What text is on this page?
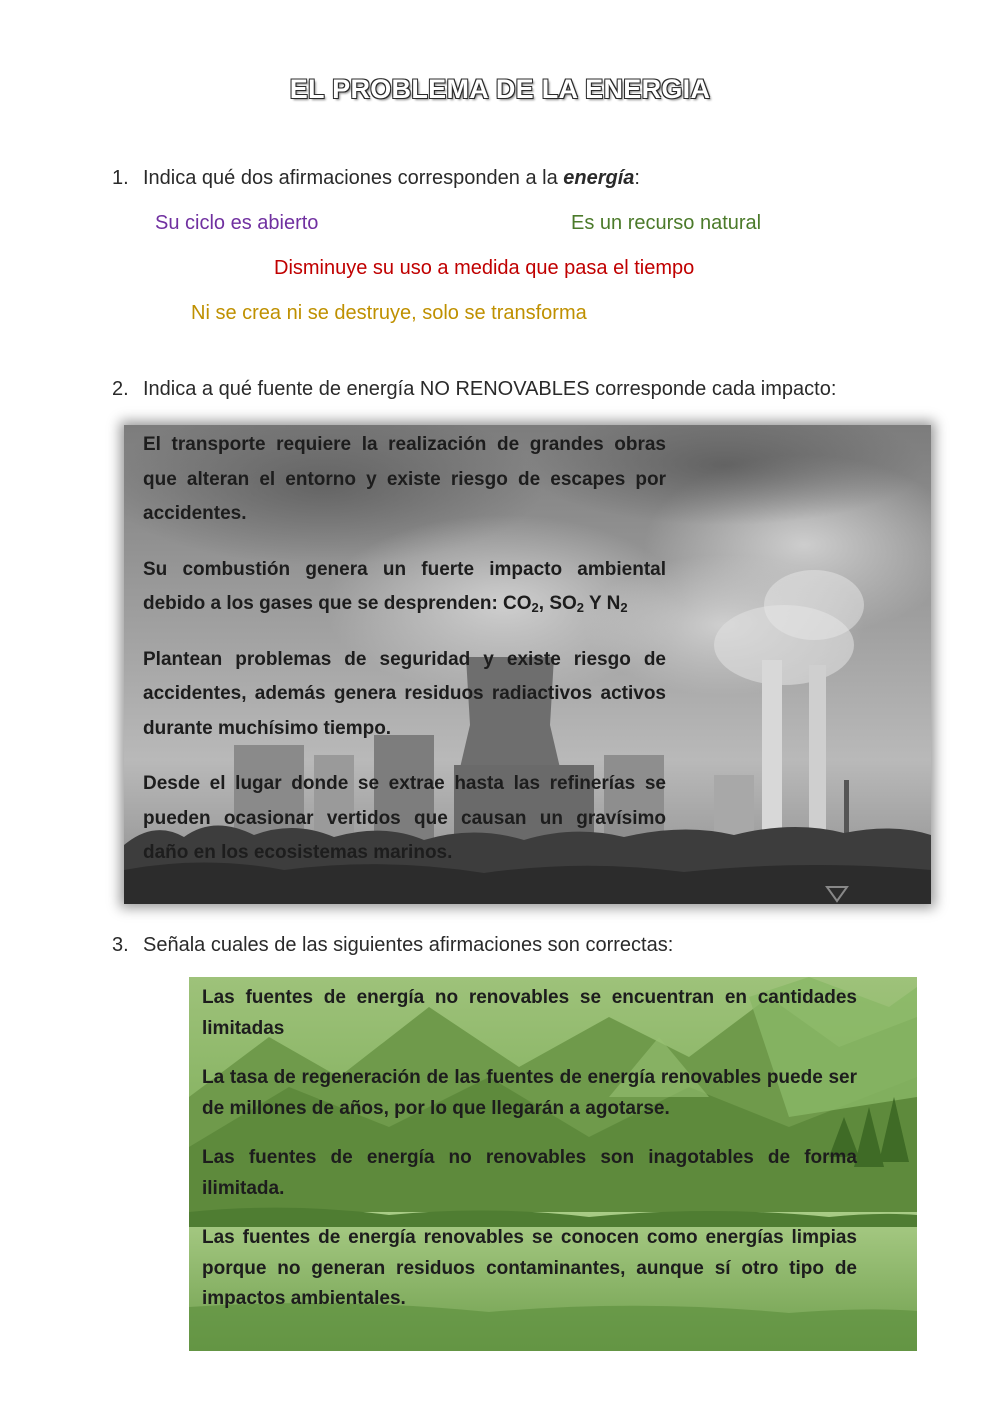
EL PROBLEMA DE LA ENERGIA
1. Indica qué dos afirmaciones corresponden a la energía:
Su ciclo es abierto	Es un recurso natural
Disminuye su uso a medida que pasa el tiempo
Ni se crea ni se destruye, solo se transforma
2. Indica a qué fuente de energía NO RENOVABLES corresponde cada impacto:

El transporte requiere la realización de grandes obras que alteran el entorno y existe riesgo de escapes por accidentes.

Su combustión genera un fuerte impacto ambiental debido a los gases que se desprenden: $CO_2$, $SO_2$ Y $N_2$

Plantean problemas de seguridad y existe riesgo de accidentes, además genera residuos radiactivos activos durante muchísimo tiempo.

Desde el lugar donde se extrae hasta las refinerías se pueden ocasionar vertidos que causan un gravísimo daño en los ecosistemas marinos.

3. Señala cuales de las siguientes afirmaciones son correctas:

Las fuentes de energía no renovables se encuentran en cantidades limitadas

La tasa de regeneración de las fuentes de energía renovables puede ser de millones de años, por lo que llegarán a agotarse.

Las fuentes de energía no renovables son inagotables de forma ilimitada.

Las fuentes de energía renovables se conocen como energías limpias porque no generan residuos contaminantes, aunque sí otro tipo de impactos ambientales.
